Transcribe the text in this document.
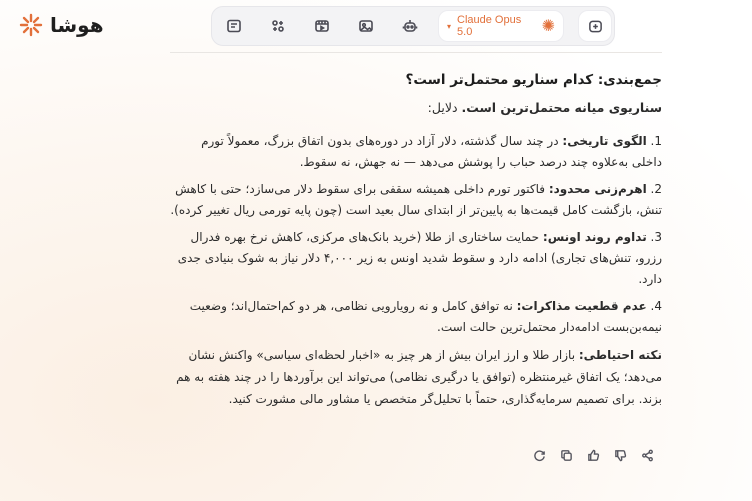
هوشا	▾ Claude Opus 5.0	✺
جمع‌بندی: کدام سناریو محتمل‌تر است؟
سناریوی میانه محتمل‌ترین است. دلایل:
1. الگوی تاریخی: در چند سال گذشته، دلار آزاد در دوره‌های بدون اتفاق بزرگ، معمولاً تورم داخلی به‌علاوه چند درصد حباب را پوشش می‌دهد — نه جهش، نه سقوط.
2. اهرم‌زنی محدود: فاکتور تورم داخلی همیشه سقفی برای سقوط دلار می‌سازد؛ حتی با کاهش تنش، بازگشت کامل قیمت‌ها به پایین‌تر از ابتدای سال بعید است (چون پایه تورمی ریال تغییر کرده).
3. تداوم روند اونس: حمایت ساختاری از طلا (خرید بانک‌های مرکزی، کاهش نرخ بهره فدرال رزرو، تنش‌های تجاری) ادامه دارد و سقوط شدید اونس به زیر ۴,۰۰۰ دلار نیاز به شوک بنیادی جدی دارد.
4. عدم قطعیت مذاکرات: نه توافق کامل و نه رویارویی نظامی، هر دو کم‌احتمال‌اند؛ وضعیت نیمه‌بن‌بست ادامه‌دار محتمل‌ترین حالت است.
نکته احتیاطی: بازار طلا و ارز ایران بیش از هر چیز به «اخبار لحظه‌ای سیاسی» واکنش نشان می‌دهد؛ یک اتفاق غیرمنتظره (توافق یا درگیری نظامی) می‌تواند این برآوردها را در چند هفته به هم بزند. برای تصمیم سرمایه‌گذاری، حتماً با تحلیل‌گر متخصص یا مشاور مالی مشورت کنید.
